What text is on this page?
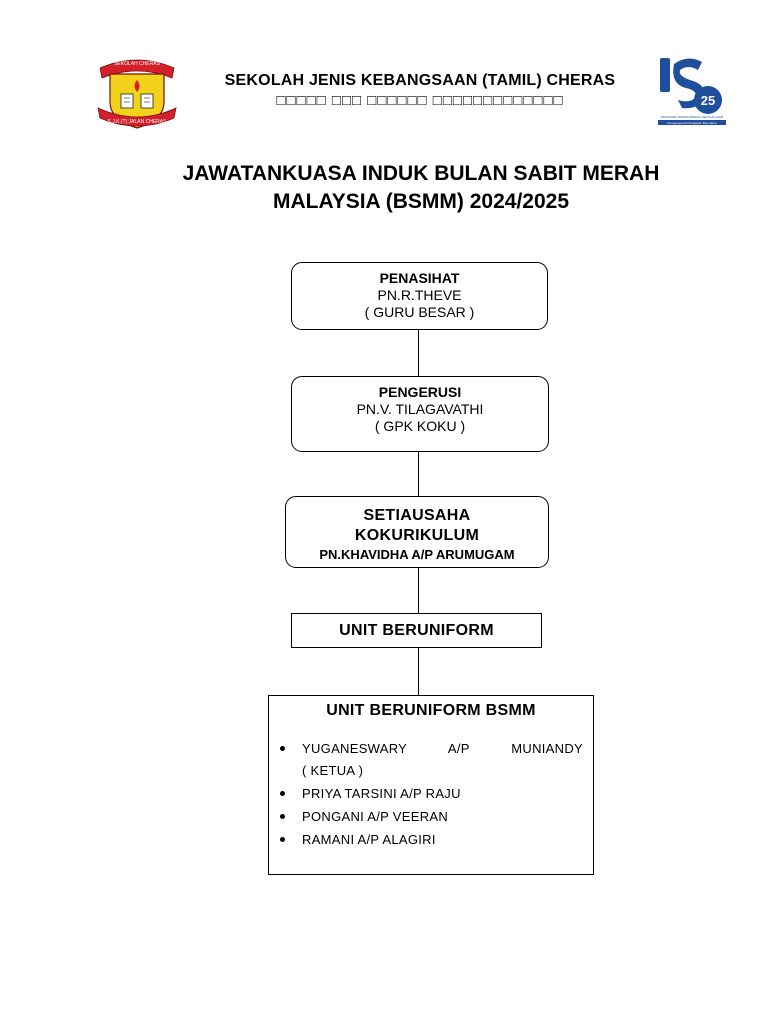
SEKOLAH CHERAS
S.J.K.(T) JALAN CHERAS
SEKOLAH JENIS KEBANGSAAN (TAMIL) CHERAS
□□□□□ □□□ □□□□□□ □□□□□□□□□□□□□	25
PROGRAM TRANSFORMASI SEKOLAH 2025
Pengupaya Pembelajaran Bermakna
JAWATANKUASA INDUK BULAN SABIT MERAH
MALAYSIA (BSMM) 2024/2025
PENASIHAT
PN.R.THEVE
( GURU BESAR )
PENGERUSI
PN.V. TILAGAVATHI
( GPK KOKU )
SETIAUSAHA
KOKURIKULUM
PN.KHAVIDHA A/P ARUMUGAM
UNIT BERUNIFORM
UNIT BERUNIFORM BSMM
YUGANESWARY A/P MUNIANDY
( KETUA )
PRIYA TARSINI A/P RAJU
PONGANI A/P VEERAN
RAMANI A/P ALAGIRI
